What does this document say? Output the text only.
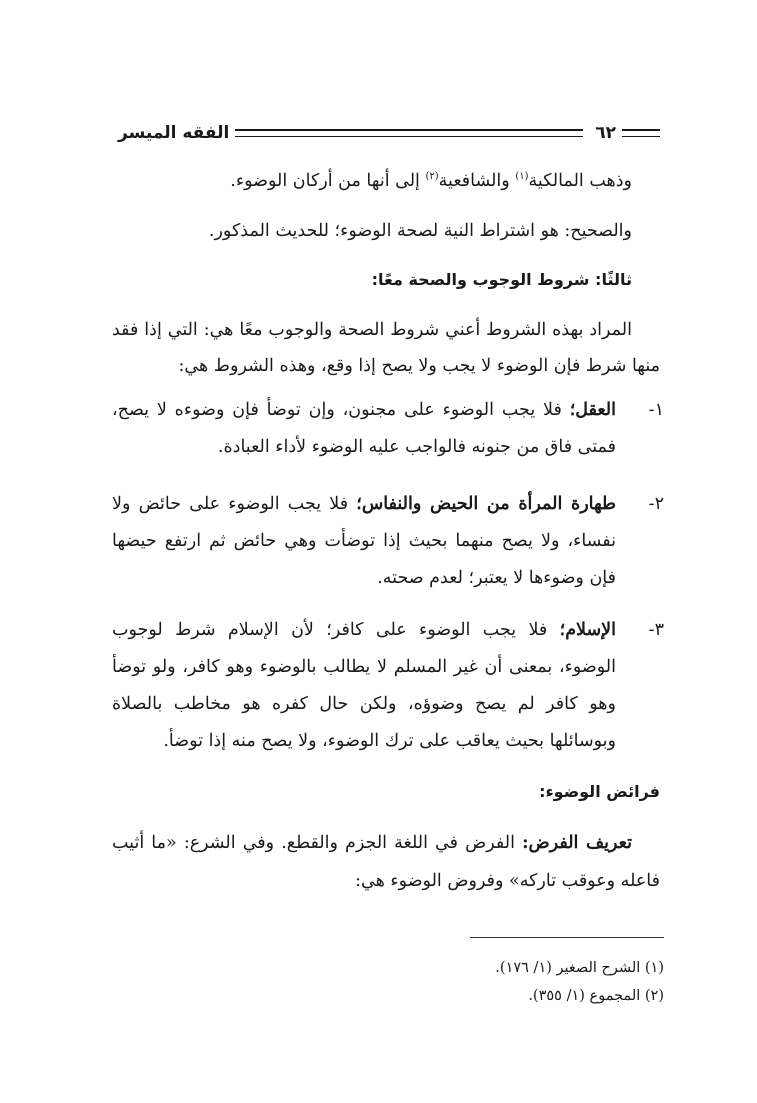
٦٢
الفقه الميسر
وذهب المالكية$^{(١)}$ والشافعية$^{(٢)}$ إلى أنها من أركان الوضوء.
والصحيح: هو اشتراط النية لصحة الوضوء؛ للحديث المذكور.
ثالثًا: شروط الوجوب والصحة معًا:
المراد بهذه الشروط أعني شروط الصحة والوجوب معًا هي: التي إذا فقد منها شرط فإن الوضوء لا يجب ولا يصح إذا وقع، وهذه الشروط هي:
١-
العقل؛ فلا يجب الوضوء على مجنون، وإن توضأ فإن وضوءه لا يصح، فمتى فاق من جنونه فالواجب عليه الوضوء لأداء العبادة.
٢-
طهارة المرأة من الحيض والنفاس؛ فلا يجب الوضوء على حائض ولا نفساء، ولا يصح منهما بحيث إذا توضأت وهي حائض ثم ارتفع حيضها فإن وضوءها لا يعتبر؛ لعدم صحته.
٣-
الإسلام؛ فلا يجب الوضوء على كافر؛ لأن الإسلام شرط لوجوب الوضوء، بمعنى أن غير المسلم لا يطالب بالوضوء وهو كافر، ولو توضأ وهو كافر لم يصح وضوؤه، ولكن حال كفره هو مخاطب بالصلاة وبوسائلها بحيث يعاقب على ترك الوضوء، ولا يصح منه إذا توضأ.
فرائض الوضوء:
تعريف الفرض: الفرض في اللغة الجزم والقطع. وفي الشرع: «ما أثيب فاعله وعوقب تاركه» وفروض الوضوء هي:
(١) الشرح الصغير (١/ ١٧٦).
(٢) المجموع (١/ ٣٥٥).
